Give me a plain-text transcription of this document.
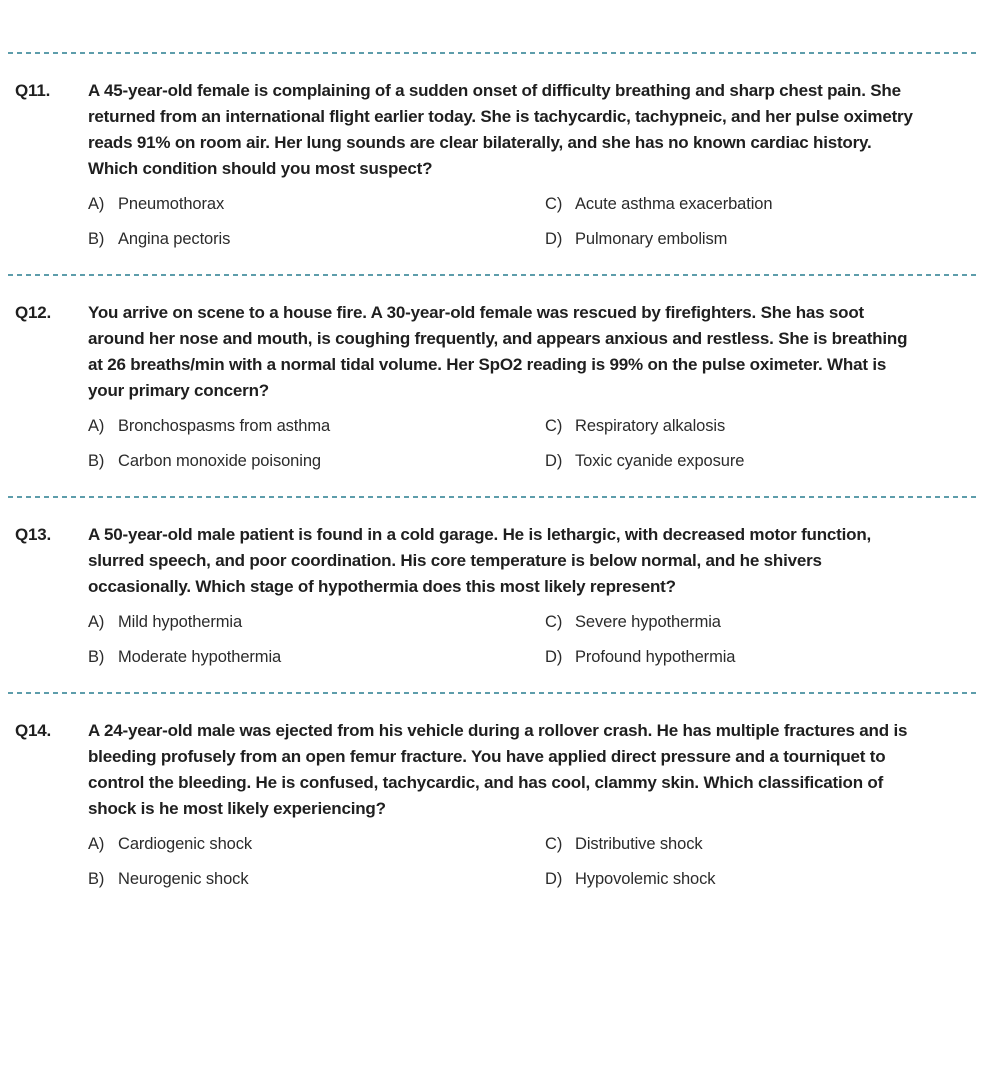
Q11.	A 45-year-old female is complaining of a sudden onset of difficulty breathing and sharp chest pain. She returned from an international flight earlier today. She is tachycardic, tachypneic, and her pulse oximetry reads 91% on room air. Her lung sounds are clear bilaterally, and she has no known cardiac history. Which condition should you most suspect?

A) Pneumothorax
B) Angina pectoris
C) Acute asthma exacerbation
D) Pulmonary embolism
Q12.	You arrive on scene to a house fire. A 30-year-old female was rescued by firefighters. She has soot around her nose and mouth, is coughing frequently, and appears anxious and restless. She is breathing at 26 breaths/min with a normal tidal volume. Her SpO2 reading is 99% on the pulse oximeter. What is your primary concern?

A) Bronchospasms from asthma
B) Carbon monoxide poisoning
C) Respiratory alkalosis
D) Toxic cyanide exposure
Q13.	A 50-year-old male patient is found in a cold garage. He is lethargic, with decreased motor function, slurred speech, and poor coordination. His core temperature is below normal, and he shivers occasionally. Which stage of hypothermia does this most likely represent?

A) Mild hypothermia
B) Moderate hypothermia
C) Severe hypothermia
D) Profound hypothermia
Q14.	A 24-year-old male was ejected from his vehicle during a rollover crash. He has multiple fractures and is bleeding profusely from an open femur fracture. You have applied direct pressure and a tourniquet to control the bleeding. He is confused, tachycardic, and has cool, clammy skin. Which classification of shock is he most likely experiencing?

A) Cardiogenic shock
B) Neurogenic shock
C) Distributive shock
D) Hypovolemic shock
